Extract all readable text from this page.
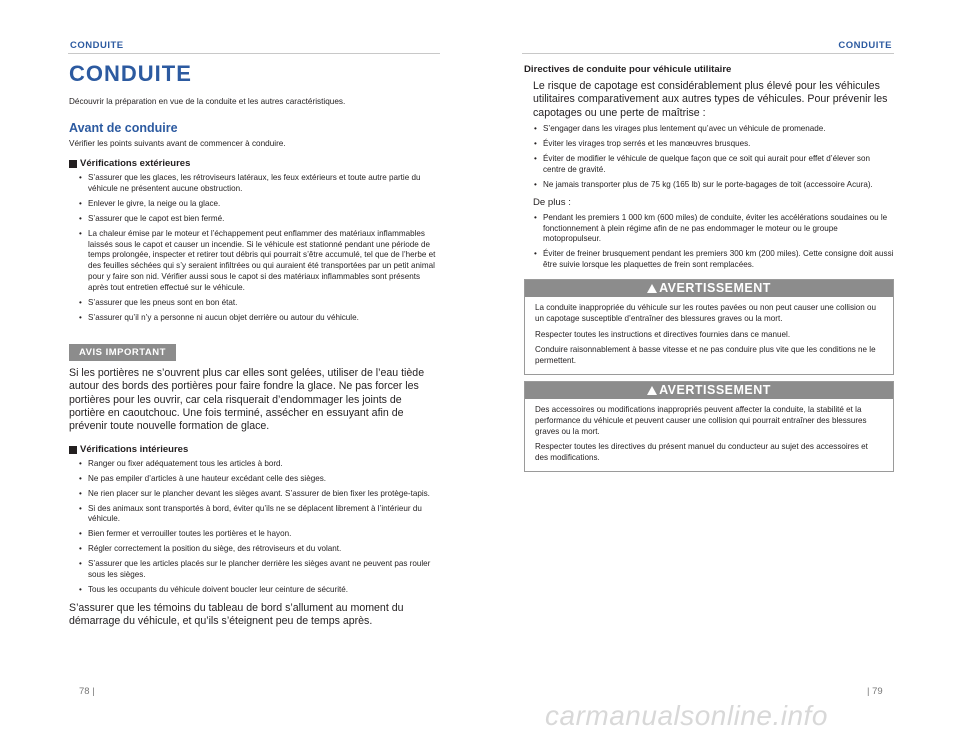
CONDUITE
CONDUITE

Découvrir la préparation en vue de la conduite et les autres caractéristiques.

Avant de conduire

Vérifier les points suivants avant de commencer à conduire.

Vérifications extérieures
• S’assurer que les glaces, les rétroviseurs latéraux, les feux extérieurs et toute autre partie du véhicule ne présentent aucune obstruction.
• Enlever le givre, la neige ou la glace.
• S’assurer que le capot est bien fermé.
• La chaleur émise par le moteur et l’échappement peut enflammer des matériaux inflammables laissés sous le capot et causer un incendie. Si le véhicule est stationné pendant une période de temps prolongée, inspecter et retirer tout débris qui pourrait s’être accumulé, tel que de l’herbe et des feuilles séchées qui s’y seraient infiltrées ou qui auraient été transportées par un petit animal pour y faire son nid. Vérifier aussi sous le capot si des matériaux inflammables sont présents après tout entretien effectué sur le véhicule.
• S’assurer que les pneus sont en bon état.
• S’assurer qu’il n’y a personne ni aucun objet derrière ou autour du véhicule.
AVIS IMPORTANT

Si les portières ne s’ouvrent plus car elles sont gelées, utiliser de l’eau tiède autour des bords des portières pour faire fondre la glace. Ne pas forcer les portières pour les ouvrir, car cela risquerait d’endommager les joints de portière en caoutchouc. Une fois terminé, assécher en essuyant afin de prévenir toute nouvelle formation de glace.

Vérifications intérieures
• Ranger ou fixer adéquatement tous les articles à bord.
• Ne pas empiler d’articles à une hauteur excédant celle des sièges.
• Ne rien placer sur le plancher devant les sièges avant. S’assurer de bien fixer les protège-tapis.
• Si des animaux sont transportés à bord, éviter qu’ils ne se déplacent librement à l’intérieur du véhicule.
• Bien fermer et verrouiller toutes les portières et le hayon.
• Régler correctement la position du siège, des rétroviseurs et du volant.
• S’assurer que les articles placés sur le plancher derrière les sièges avant ne peuvent pas rouler sous les sièges.
• Tous les occupants du véhicule doivent boucler leur ceinture de sécurité.

S’assurer que les témoins du tableau de bord s’allument au moment du démarrage du véhicule, et qu’ils s’éteignent peu de temps après.

78 |
CONDUITE
Directives de conduite pour véhicule utilitaire

Le risque de capotage est considérablement plus élevé pour les véhicules utilitaires comparativement aux autres types de véhicules. Pour prévenir les capotages ou une perte de maîtrise :

• S’engager dans les virages plus lentement qu’avec un véhicule de promenade.
• Éviter les virages trop serrés et les manœuvres brusques.
• Éviter de modifier le véhicule de quelque façon que ce soit qui aurait pour effet d’élever son centre de gravité.
• Ne jamais transporter plus de 75 kg (165 lb) sur le porte-bagages de toit (accessoire Acura).
De plus :
• Pendant les premiers 1 000 km (600 miles) de conduite, éviter les accélérations soudaines ou le fonctionnement à plein régime afin de ne pas endommager le moteur ou le groupe motopropulseur.
• Éviter de freiner brusquement pendant les premiers 300 km (200 miles). Cette consigne doit aussi être suivie lorsque les plaquettes de frein sont remplacées.
AVERTISSEMENT

La conduite inappropriée du véhicule sur les routes pavées ou non peut causer une collision ou un capotage susceptible d’entraîner des blessures graves ou la mort.

Respecter toutes les instructions et directives fournies dans ce manuel.

Conduire raisonnablement à basse vitesse et ne pas conduire plus vite que les conditions ne le permettent.

AVERTISSEMENT

Des accessoires ou modifications inappropriés peuvent affecter la conduite, la stabilité et la performance du véhicule et peuvent causer une collision qui pourrait entraîner des blessures graves ou la mort.

Respecter toutes les directives du présent manuel du conducteur au sujet des accessoires et des modifications.

| 79
carmanualsonline.info
